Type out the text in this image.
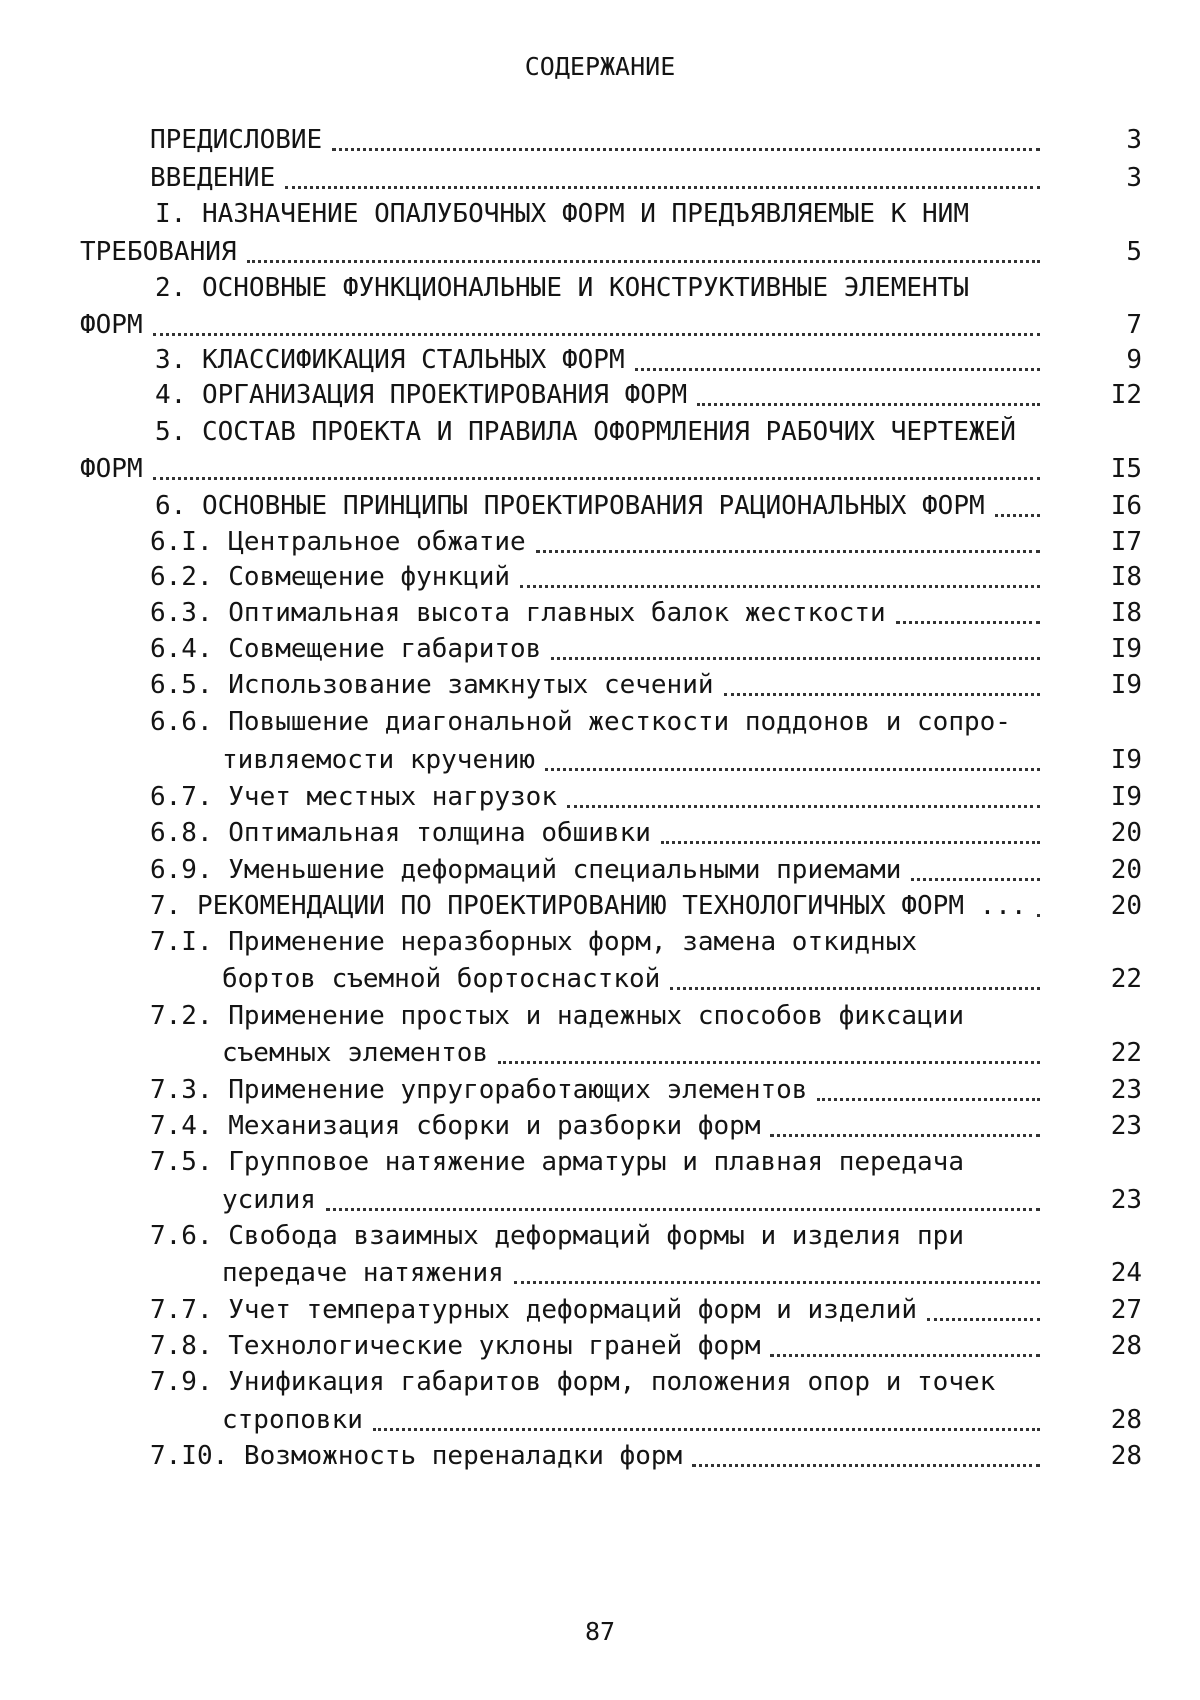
СОДЕРЖАНИЕ
ПРЕДИСЛОВИЕ	3
ВВЕДЕНИЕ	3
I. НАЗНАЧЕНИЕ ОПАЛУБОЧНЫХ ФОРМ И ПРЕДЪЯВЛЯЕМЫЕ К НИМ
ТРЕБОВАНИЯ	5
2. ОСНОВНЫЕ ФУНКЦИОНАЛЬНЫЕ И КОНСТРУКТИВНЫЕ ЭЛЕМЕНТЫ
ФОРМ	7
3. КЛАССИФИКАЦИЯ СТАЛЬНЫХ ФОРМ	9
4. ОРГАНИЗАЦИЯ ПРОЕКТИРОВАНИЯ ФОРМ	I2
5. СОСТАВ ПРОЕКТА И ПРАВИЛА ОФОРМЛЕНИЯ РАБОЧИХ ЧЕРТЕЖЕЙ
ФОРМ	I5
6. ОСНОВНЫЕ ПРИНЦИПЫ ПРОЕКТИРОВАНИЯ РАЦИОНАЛЬНЫХ ФОРМ	I6
6.I. Центральное обжатие	I7
6.2. Совмещение функций	I8
6.3. Оптимальная высота главных балок жесткости	I8
6.4. Совмещение габаритов	I9
6.5. Использование замкнутых сечений	I9
6.6. Повышение диагональной жесткости поддонов и сопро-
тивляемости кручению	I9
6.7. Учет местных нагрузок	I9
6.8. Оптимальная толщина обшивки	20
6.9. Уменьшение деформаций специальными приемами	20
7. РЕКОМЕНДАЦИИ ПО ПРОЕКТИРОВАНИЮ ТЕХНОЛОГИЧНЫХ ФОРМ ...	20
7.I. Применение неразборных форм, замена откидных
бортов съемной бортоснасткой	22
7.2. Применение простых и надежных способов фиксации
съемных элементов	22
7.3. Применение упругоработающих элементов	23
7.4. Механизация сборки и разборки форм	23
7.5. Групповое натяжение арматуры и плавная передача
усилия	23
7.6. Свобода взаимных деформаций формы и изделия при
передаче натяжения	24
7.7. Учет температурных деформаций форм и изделий	27
7.8. Технологические уклоны граней форм	28
7.9. Унификация габаритов форм, положения опор и точек
строповки	28
7.I0. Возможность переналадки форм	28
87
